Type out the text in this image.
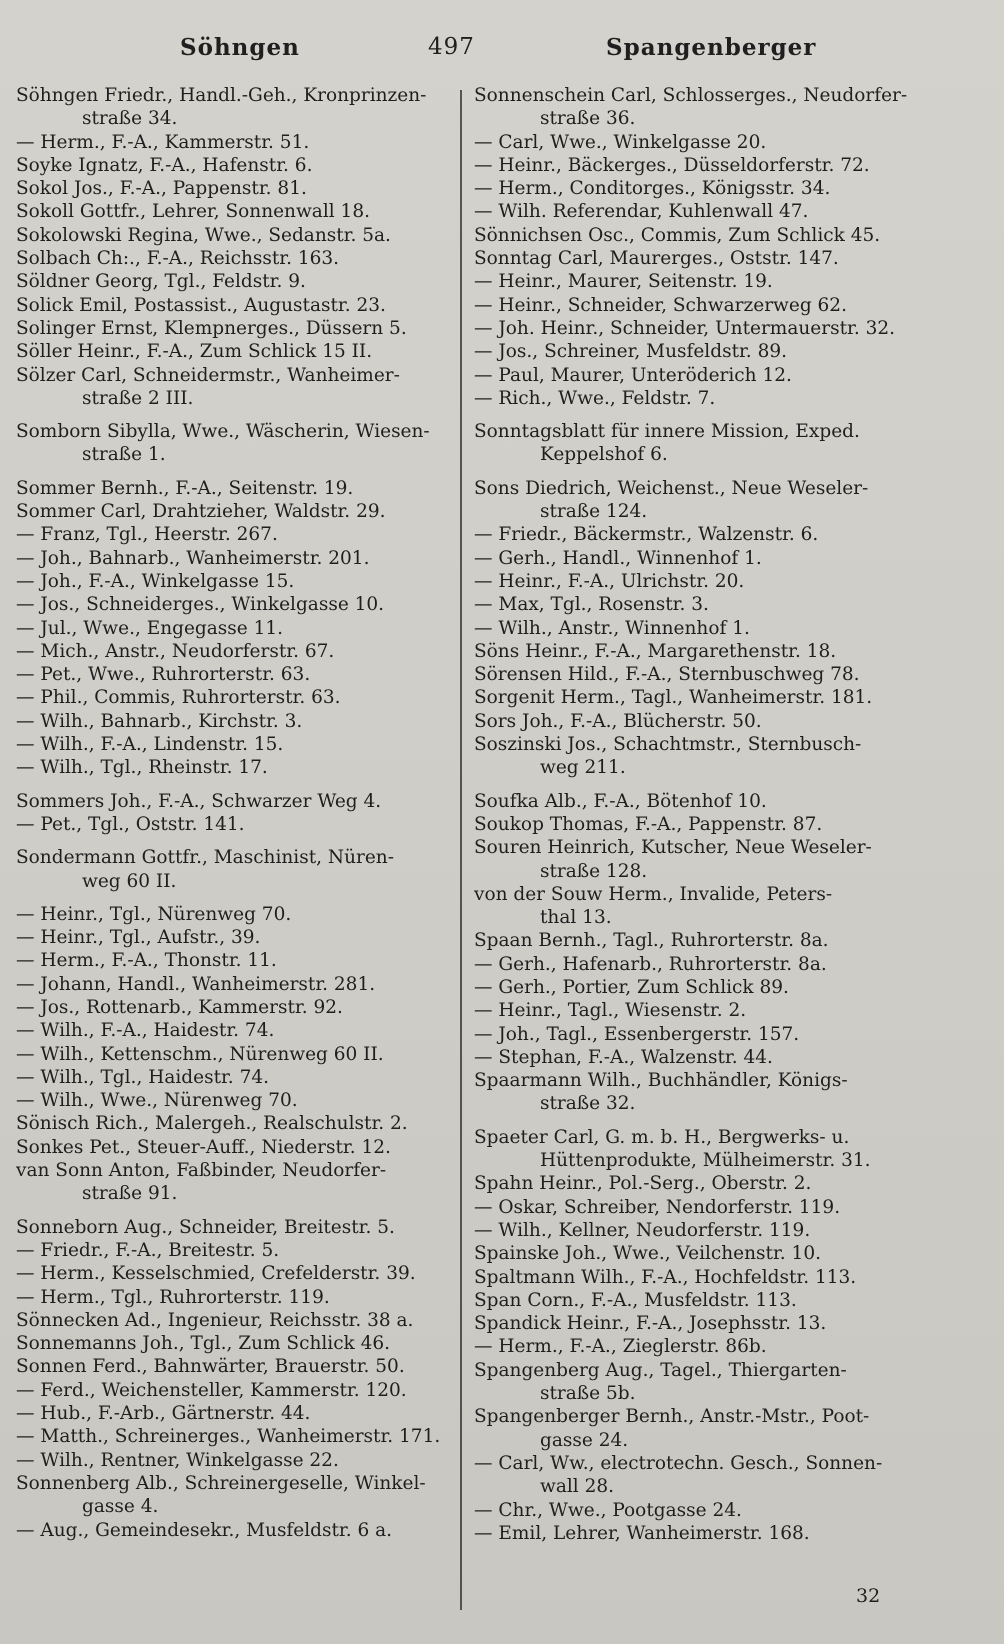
Söhngen	497	Spangenberger
Söhngen Friedr., Handl.-Geh., Kronprinzen-
straße 34.
— Herm., F.-A., Kammerstr. 51.
Soyke Ignatz, F.-A., Hafenstr. 6.
Sokol Jos., F.-A., Pappenstr. 81.
Sokoll Gottfr., Lehrer, Sonnenwall 18.
Sokolowski Regina, Wwe., Sedanstr. 5a.
Solbach Ch:., F.-A., Reichsstr. 163.
Söldner Georg, Tgl., Feldstr. 9.
Solick Emil, Postassist., Augustastr. 23.
Solinger Ernst, Klempnerges., Düssern 5.
Söller Heinr., F.-A., Zum Schlick 15 II.
Sölzer Carl, Schneidermstr., Wanheimer-
straße 2 III.
Somborn Sibylla, Wwe., Wäscherin, Wiesen-
straße 1.
Sommer Bernh., F.-A., Seitenstr. 19.
Sommer Carl, Drahtzieher, Waldstr. 29.
— Franz, Tgl., Heerstr. 267.
— Joh., Bahnarb., Wanheimerstr. 201.
— Joh., F.-A., Winkelgasse 15.
— Jos., Schneiderges., Winkelgasse 10.
— Jul., Wwe., Engegasse 11.
— Mich., Anstr., Neudorferstr. 67.
— Pet., Wwe., Ruhrorterstr. 63.
— Phil., Commis, Ruhrorterstr. 63.
— Wilh., Bahnarb., Kirchstr. 3.
— Wilh., F.-A., Lindenstr. 15.
— Wilh., Tgl., Rheinstr. 17.
Sommers Joh., F.-A., Schwarzer Weg 4.
— Pet., Tgl., Oststr. 141.
Sondermann Gottfr., Maschinist, Nüren-
weg 60 II.
— Heinr., Tgl., Nürenweg 70.
— Heinr., Tgl., Aufstr., 39.
— Herm., F.-A., Thonstr. 11.
— Johann, Handl., Wanheimerstr. 281.
— Jos., Rottenarb., Kammerstr. 92.
— Wilh., F.-A., Haidestr. 74.
— Wilh., Kettenschm., Nürenweg 60 II.
— Wilh., Tgl., Haidestr. 74.
— Wilh., Wwe., Nürenweg 70.
Sönisch Rich., Malergeh., Realschulstr. 2.
Sonkes Pet., Steuer-Auff., Niederstr. 12.
van Sonn Anton, Faßbinder, Neudorfer-
straße 91.
Sonneborn Aug., Schneider, Breitestr. 5.
— Friedr., F.-A., Breitestr. 5.
— Herm., Kesselschmied, Crefelderstr. 39.
— Herm., Tgl., Ruhrorterstr. 119.
Sönnecken Ad., Ingenieur, Reichsstr. 38 a.
Sonnemanns Joh., Tgl., Zum Schlick 46.
Sonnen Ferd., Bahnwärter, Brauerstr. 50.
— Ferd., Weichensteller, Kammerstr. 120.
— Hub., F.-Arb., Gärtnerstr. 44.
— Matth., Schreinerges., Wanheimerstr. 171.
— Wilh., Rentner, Winkelgasse 22.
Sonnenberg Alb., Schreinergeselle, Winkel-
gasse 4.
— Aug., Gemeindesekr., Musfeldstr. 6 a.
Sonnenschein Carl, Schlosserges., Neudorfer-
straße 36.
— Carl, Wwe., Winkelgasse 20.
— Heinr., Bäckerges., Düsseldorferstr. 72.
— Herm., Conditorges., Königsstr. 34.
— Wilh. Referendar, Kuhlenwall 47.
Sönnichsen Osc., Commis, Zum Schlick 45.
Sonntag Carl, Maurerges., Oststr. 147.
— Heinr., Maurer, Seitenstr. 19.
— Heinr., Schneider, Schwarzerweg 62.
— Joh. Heinr., Schneider, Untermauerstr. 32.
— Jos., Schreiner, Musfeldstr. 89.
— Paul, Maurer, Unteröderich 12.
— Rich., Wwe., Feldstr. 7.
Sonntagsblatt für innere Mission, Exped.
Keppelshof 6.
Sons Diedrich, Weichenst., Neue Weseler-
straße 124.
— Friedr., Bäckermstr., Walzenstr. 6.
— Gerh., Handl., Winnenhof 1.
— Heinr., F.-A., Ulrichstr. 20.
— Max, Tgl., Rosenstr. 3.
— Wilh., Anstr., Winnenhof 1.
Söns Heinr., F.-A., Margarethenstr. 18.
Sörensen Hild., F.-A., Sternbuschweg 78.
Sorgenit Herm., Tagl., Wanheimerstr. 181.
Sors Joh., F.-A., Blücherstr. 50.
Soszinski Jos., Schachtmstr., Sternbusch-
weg 211.
Soufka Alb., F.-A., Bötenhof 10.
Soukop Thomas, F.-A., Pappenstr. 87.
Souren Heinrich, Kutscher, Neue Weseler-
straße 128.
von der Souw Herm., Invalide, Peters-
thal 13.
Spaan Bernh., Tagl., Ruhrorterstr. 8a.
— Gerh., Hafenarb., Ruhrorterstr. 8a.
— Gerh., Portier, Zum Schlick 89.
— Heinr., Tagl., Wiesenstr. 2.
— Joh., Tagl., Essenbergerstr. 157.
— Stephan, F.-A., Walzenstr. 44.
Spaarmann Wilh., Buchhändler, Königs-
straße 32.
Spaeter Carl, G. m. b. H., Bergwerks- u.
Hüttenprodukte, Mülheimerstr. 31.
Spahn Heinr., Pol.-Serg., Oberstr. 2.
— Oskar, Schreiber, Nendorferstr. 119.
— Wilh., Kellner, Neudorferstr. 119.
Spainske Joh., Wwe., Veilchenstr. 10.
Spaltmann Wilh., F.-A., Hochfeldstr. 113.
Span Corn., F.-A., Musfeldstr. 113.
Spandick Heinr., F.-A., Josephsstr. 13.
— Herm., F.-A., Zieglerstr. 86b.
Spangenberg Aug., Tagel., Thiergarten-
straße 5b.
Spangenberger Bernh., Anstr.-Mstr., Poot-
gasse 24.
— Carl, Ww., electrotechn. Gesch., Sonnen-
wall 28.
— Chr., Wwe., Pootgasse 24.
— Emil, Lehrer, Wanheimerstr. 168.
32
